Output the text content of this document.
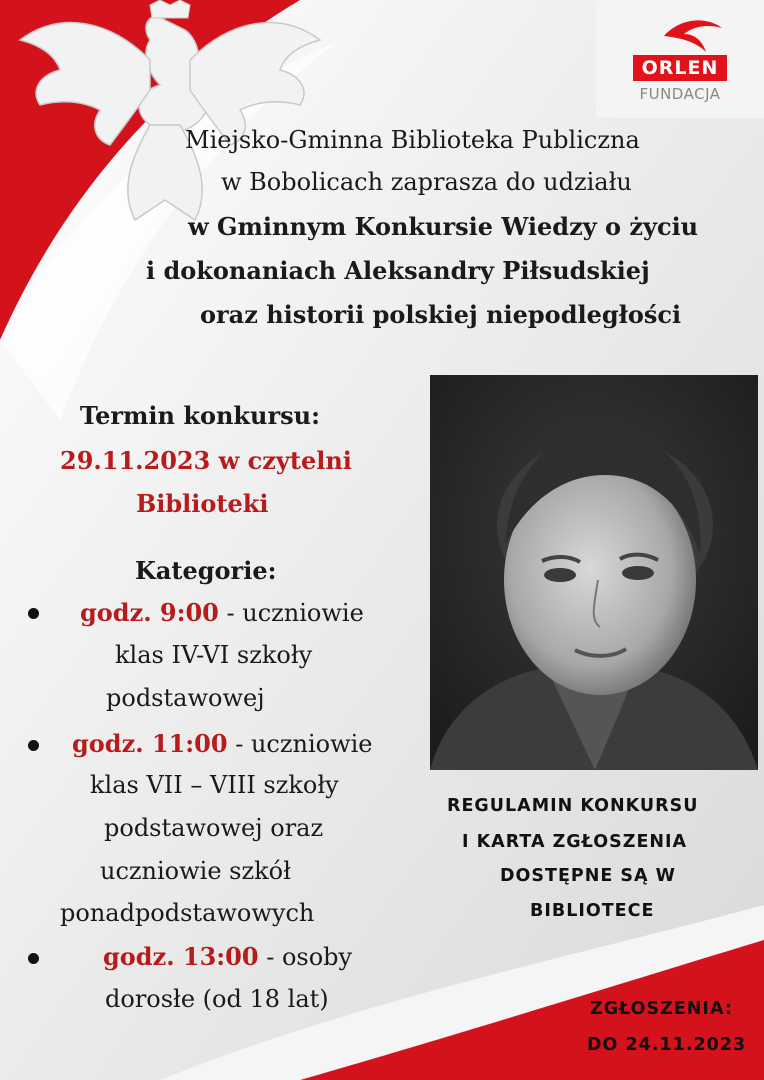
ORLEN
FUNDACJA
Miejsko-Gminna Biblioteka Publiczna
w Bobolicach zaprasza do udziału
w Gminnym Konkursie Wiedzy o życiu
i dokonaniach Aleksandry Piłsudskiej
oraz historii polskiej niepodległości
Termin konkursu:
29.11.2023 w czytelni
Biblioteki
Kategorie:
godz. 9:00 - uczniowie
klas IV-VI szkoły
podstawowej
godz. 11:00 - uczniowie
klas VII – VIII szkoły
podstawowej oraz
uczniowie szkół
ponadpodstawowych
godz. 13:00 - osoby
dorosłe (od 18 lat)
REGULAMIN KONKURSU
I KARTA ZGŁOSZENIA
DOSTĘPNE SĄ W
BIBLIOTECE
ZGŁOSZENIA:
DO 24.11.2023
